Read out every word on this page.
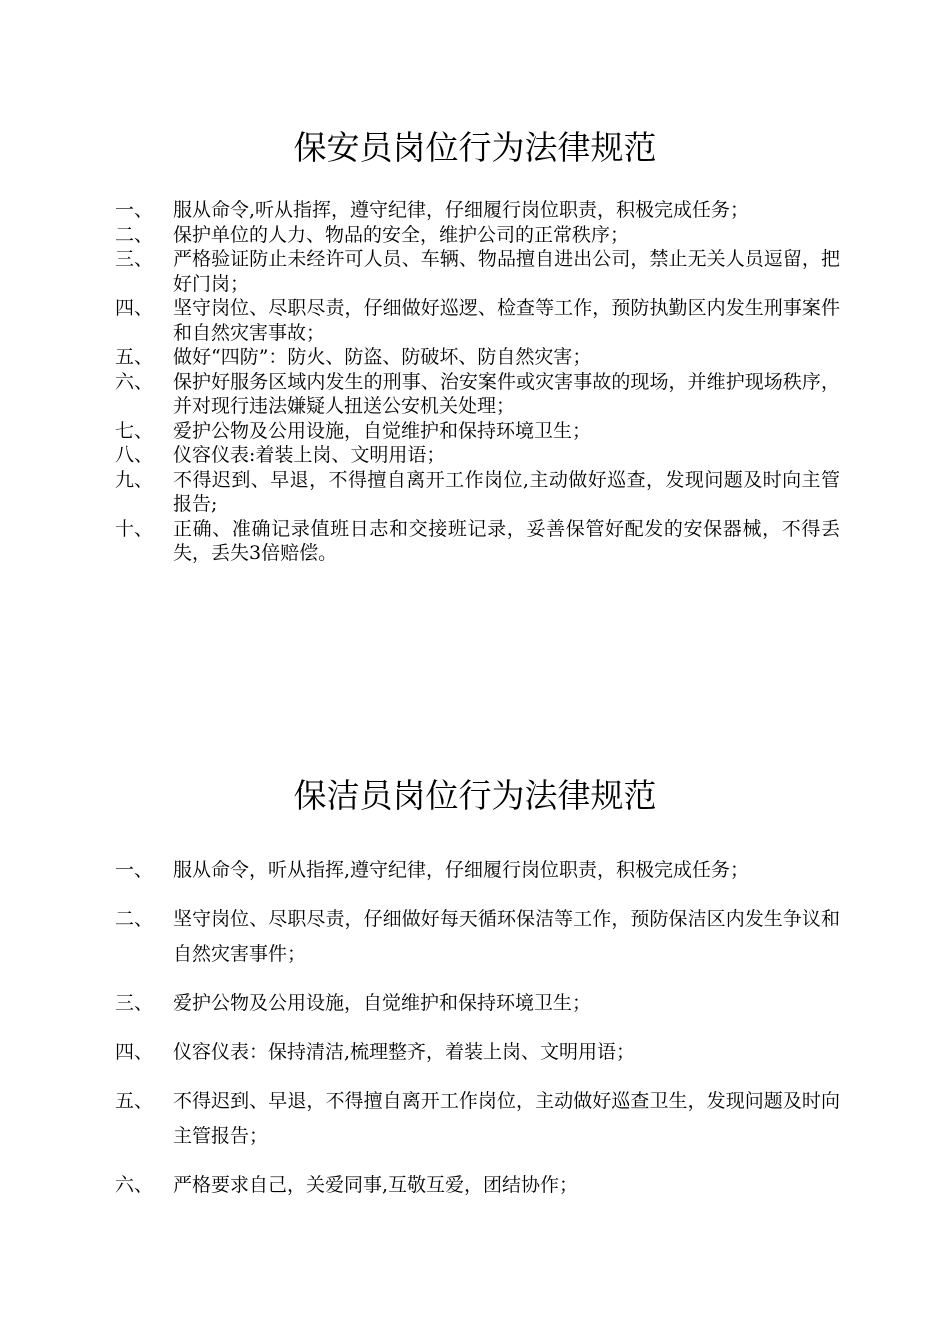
保安员岗位行为法律规范
一、	服从命令,听从指挥，遵守纪律，仔细履行岗位职责，积极完成任务；
二、	保护单位的人力、物品的安全，维护公司的正常秩序；
三、	严格验证防止未经许可人员、车辆、物品擅自进出公司，禁止无关人员逗留，把好门岗；
四、	坚守岗位、尽职尽责，仔细做好巡逻、检查等工作，预防执勤区内发生刑事案件和自然灾害事故；
五、	做好“四防”：防火、防盗、防破坏、防自然灾害；
六、	保护好服务区域内发生的刑事、治安案件或灾害事故的现场，并维护现场秩序，并对现行违法嫌疑人扭送公安机关处理；
七、	爱护公物及公用设施，自觉维护和保持环境卫生；
八、	仪容仪表:着装上岗、文明用语；
九、	不得迟到、早退，不得擅自离开工作岗位,主动做好巡查，发现问题及时向主管报告;
十、	正确、准确记录值班日志和交接班记录，妥善保管好配发的安保器械，不得丢失，丢失3倍赔偿。
保洁员岗位行为法律规范
一、	服从命令，听从指挥,遵守纪律，仔细履行岗位职责，积极完成任务；
二、	坚守岗位、尽职尽责，仔细做好每天循环保洁等工作，预防保洁区内发生争议和自然灾害事件；
三、	爱护公物及公用设施，自觉维护和保持环境卫生；
四、	仪容仪表：保持清洁,梳理整齐，着装上岗、文明用语；
五、	不得迟到、早退，不得擅自离开工作岗位，主动做好巡查卫生，发现问题及时向主管报告；
六、	严格要求自己，关爱同事,互敬互爱，团结协作；
